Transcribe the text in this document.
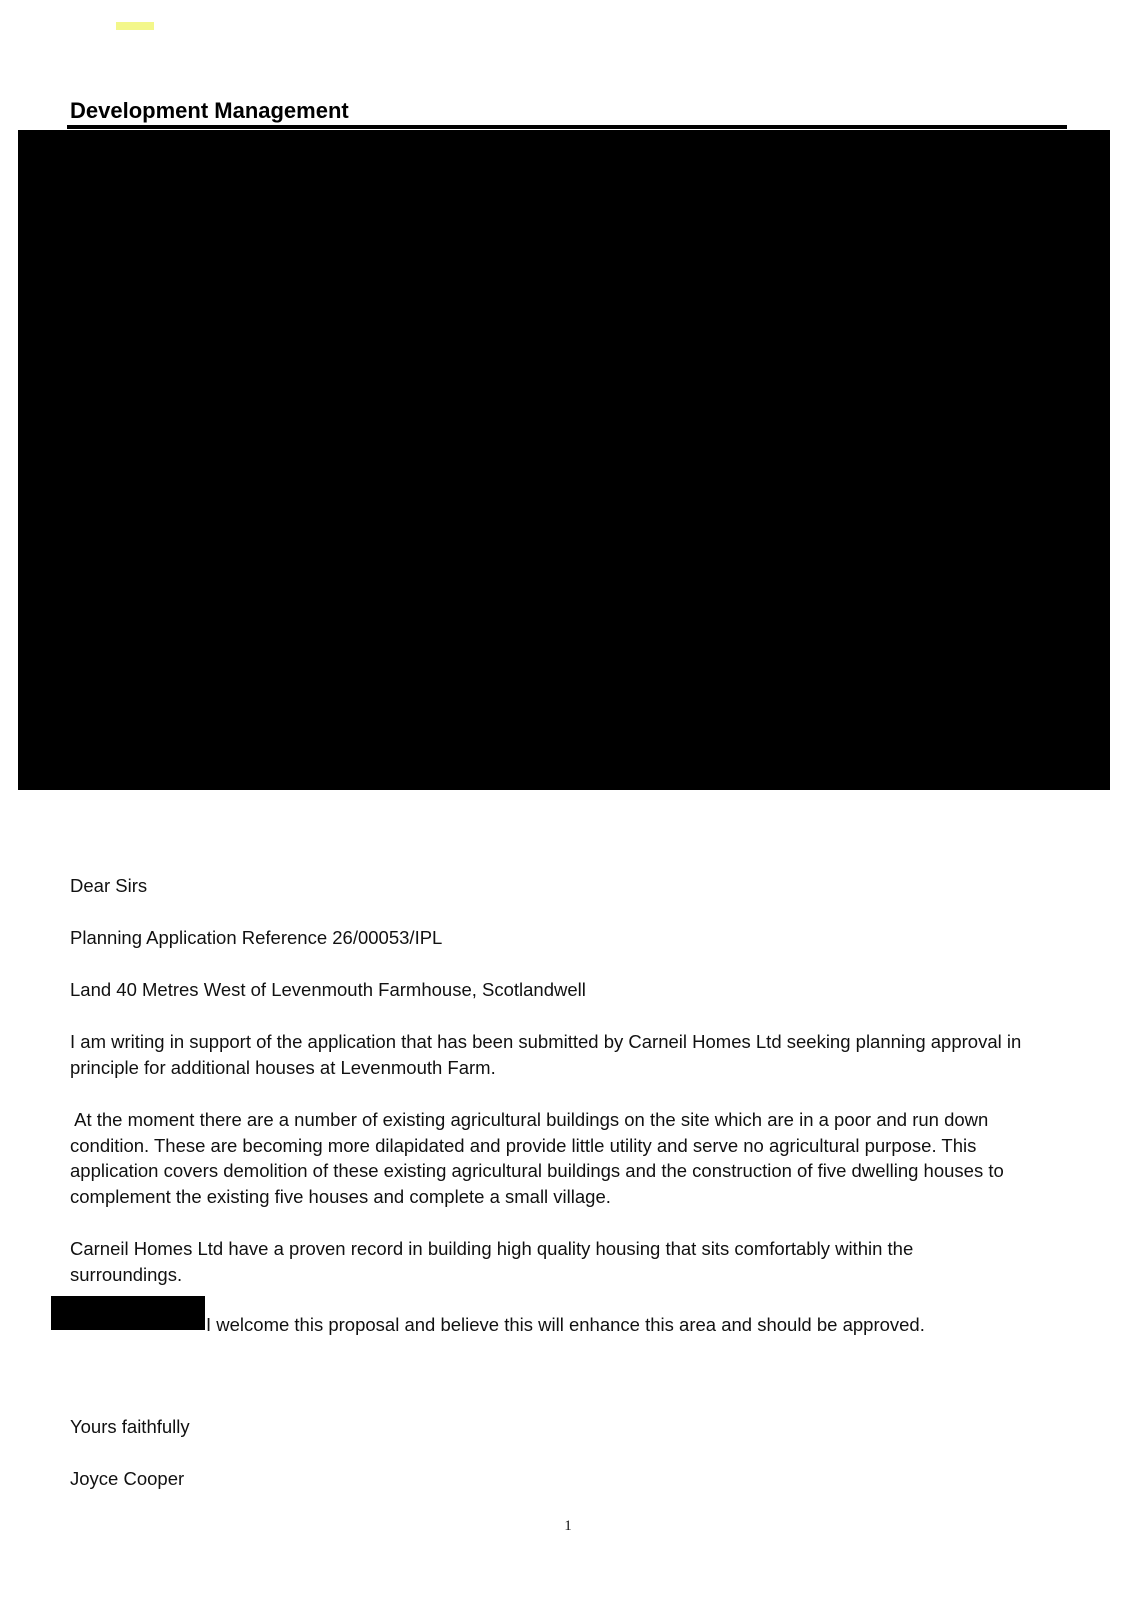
Development Management

Dear Sirs

Planning Application Reference 26/00053/IPL

Land 40 Metres West of Levenmouth Farmhouse, Scotlandwell

I am writing in support of the application that has been submitted by Carneil Homes Ltd seeking planning approval in
principle for additional houses at Levenmouth Farm.
At the moment there are a number of existing agricultural buildings on the site which are in a poor and run down
condition. These are becoming more dilapidated and provide little utility and serve no agricultural purpose. This
application covers demolition of these existing agricultural buildings and the construction of five dwelling houses to
complement the existing five houses and complete a small village.
Carneil Homes Ltd have a proven record in building high quality housing that sits comfortably within the
surroundings.

I welcome this proposal and believe this will enhance this area and should be approved.

Yours faithfully

Joyce Cooper

1
